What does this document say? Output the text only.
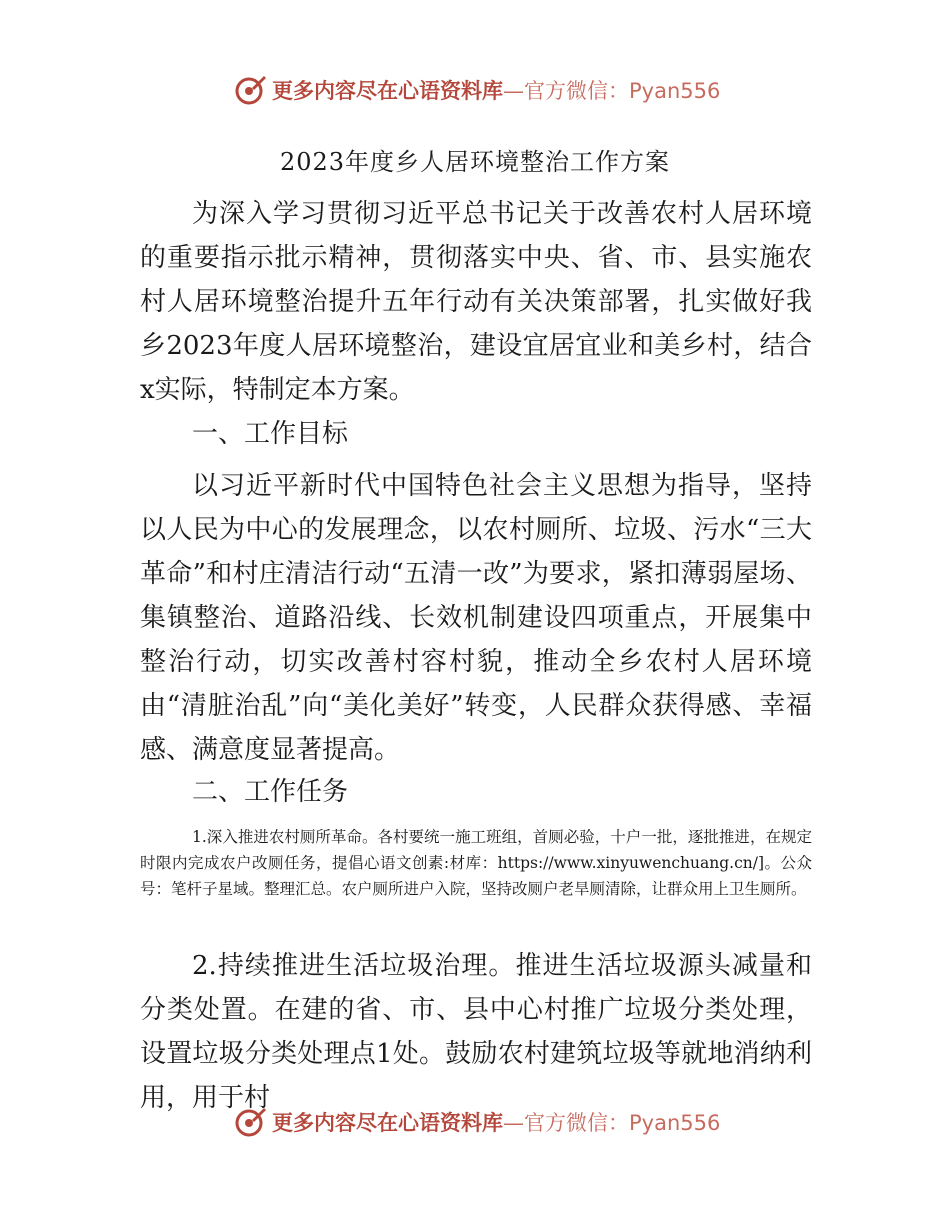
更多内容尽在心语资料库 —官方微信：Pyan556
2023年度乡人居环境整治工作方案

为深入学习贯彻习近平总书记关于改善农村人居环境的重要指示批示精神，贯彻落实中央、省、市、县实施农村人居环境整治提升五年行动有关决策部署，扎实做好我乡2023年度人居环境整治，建设宜居宜业和美乡村，结合x实际，特制定本方案。

一、工作目标

以习近平新时代中国特色社会主义思想为指导，坚持以人民为中心的发展理念，以农村厕所、垃圾、污水“三大革命”和村庄清洁行动“五清一改”为要求，紧扣薄弱屋场、集镇整治、道路沿线、长效机制建设四项重点，开展集中整治行动，切实改善村容村貌，推动全乡农村人居环境由“清脏治乱”向“美化美好”转变，人民群众获得感、幸福感、满意度显著提高。

二、工作任务

1.深入推进农村厕所革命。各村要统一施工班组，首厕必验，十户一批，逐批推进，在规定时限内完成农户改厕任务，提倡心语文创素:材库：https://www.xinyuwenchuang.cn/]。公众号：笔杆子星域。整理汇总。农户厕所进户入院，坚持改厕户老旱厕清除，让群众用上卫生厕所。

2.持续推进生活垃圾治理。推进生活垃圾源头减量和分类处置。在建的省、市、县中心村推广垃圾分类处理，设置垃圾分类处理点1处。鼓励农村建筑垃圾等就地消纳利用，用于村

更多内容尽在心语资料库 —官方微信：Pyan556
